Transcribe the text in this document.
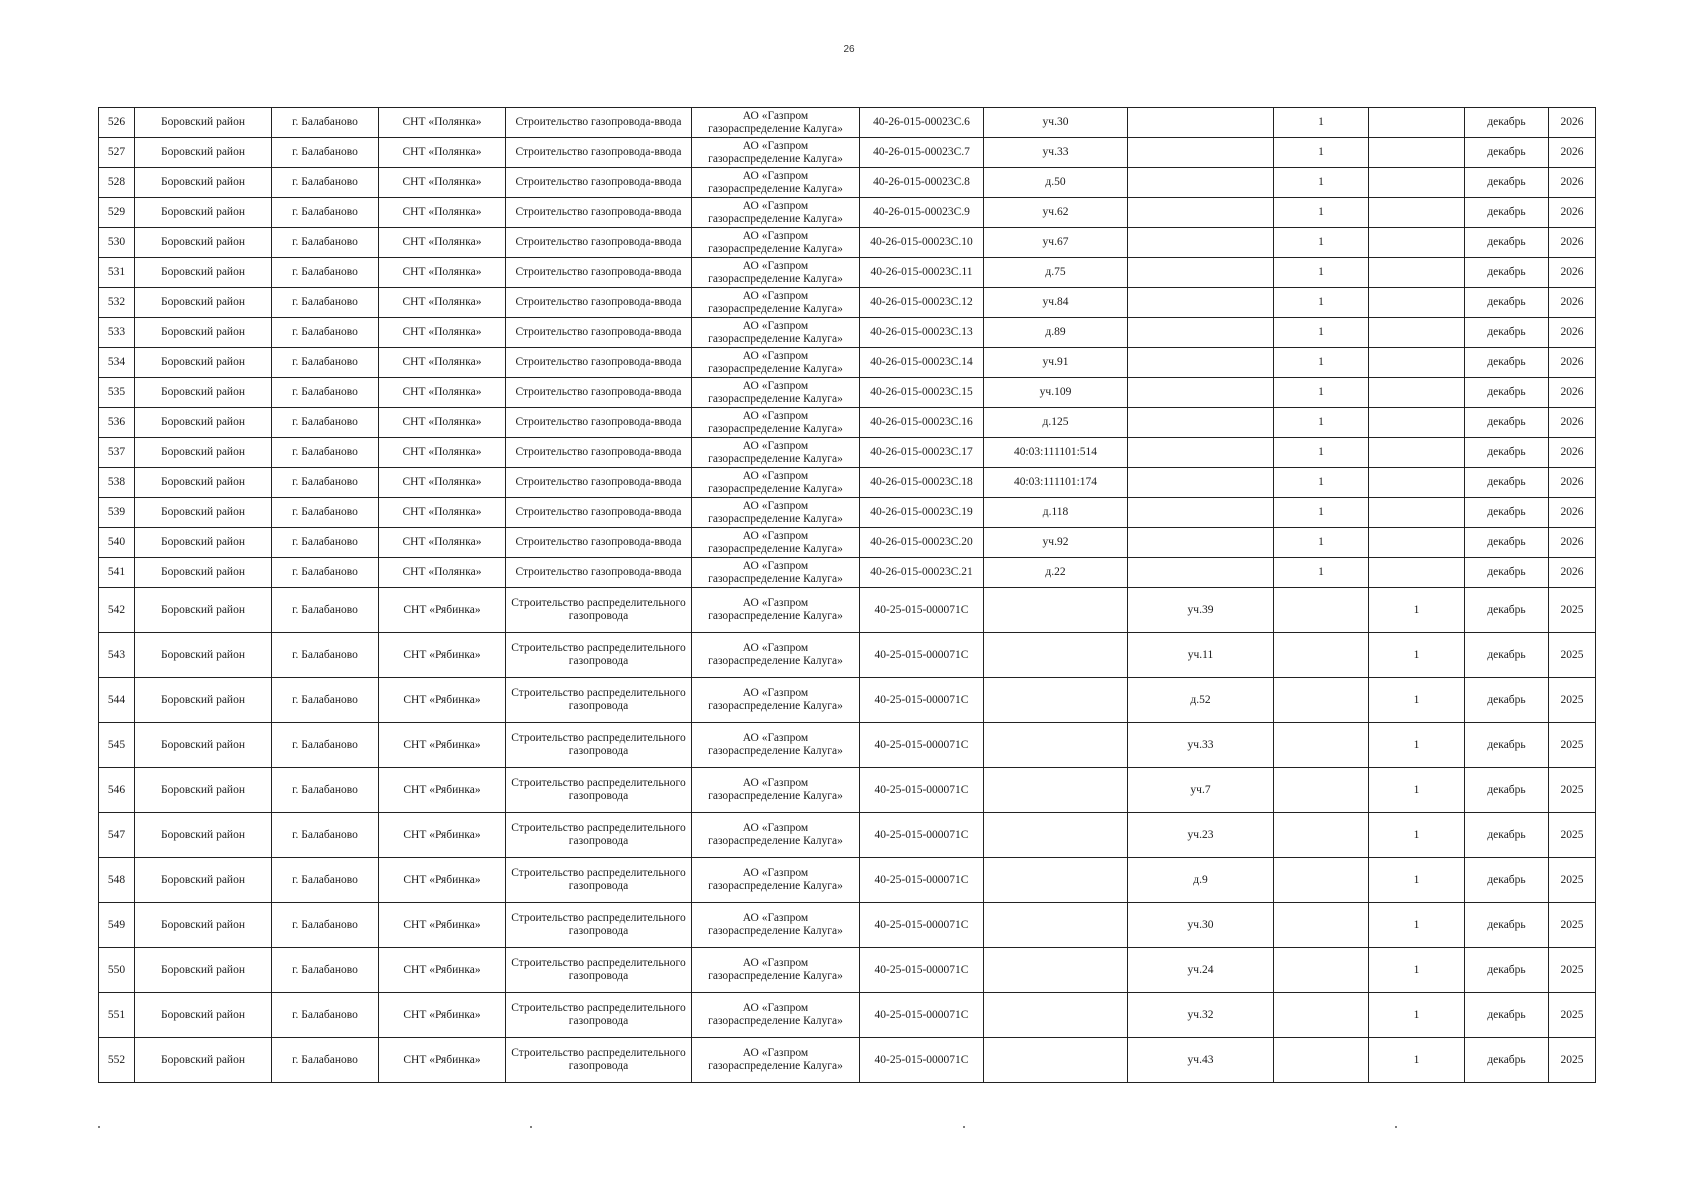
26
526	Боровский район	г. Балабаново	СНТ «Полянка»	Строительство газопровода-ввода	АО «Газпром
газораспределение Калуга»	40-26-015-00023С.6	уч.30		1		декабрь	2026
527	Боровский район	г. Балабаново	СНТ «Полянка»	Строительство газопровода-ввода	АО «Газпром
газораспределение Калуга»	40-26-015-00023С.7	уч.33		1		декабрь	2026
528	Боровский район	г. Балабаново	СНТ «Полянка»	Строительство газопровода-ввода	АО «Газпром
газораспределение Калуга»	40-26-015-00023С.8	д.50		1		декабрь	2026
529	Боровский район	г. Балабаново	СНТ «Полянка»	Строительство газопровода-ввода	АО «Газпром
газораспределение Калуга»	40-26-015-00023С.9	уч.62		1		декабрь	2026
530	Боровский район	г. Балабаново	СНТ «Полянка»	Строительство газопровода-ввода	АО «Газпром
газораспределение Калуга»	40-26-015-00023С.10	уч.67		1		декабрь	2026
531	Боровский район	г. Балабаново	СНТ «Полянка»	Строительство газопровода-ввода	АО «Газпром
газораспределение Калуга»	40-26-015-00023С.11	д.75		1		декабрь	2026
532	Боровский район	г. Балабаново	СНТ «Полянка»	Строительство газопровода-ввода	АО «Газпром
газораспределение Калуга»	40-26-015-00023С.12	уч.84		1		декабрь	2026
533	Боровский район	г. Балабаново	СНТ «Полянка»	Строительство газопровода-ввода	АО «Газпром
газораспределение Калуга»	40-26-015-00023С.13	д.89		1		декабрь	2026
534	Боровский район	г. Балабаново	СНТ «Полянка»	Строительство газопровода-ввода	АО «Газпром
газораспределение Калуга»	40-26-015-00023С.14	уч.91		1		декабрь	2026
535	Боровский район	г. Балабаново	СНТ «Полянка»	Строительство газопровода-ввода	АО «Газпром
газораспределение Калуга»	40-26-015-00023С.15	уч.109		1		декабрь	2026
536	Боровский район	г. Балабаново	СНТ «Полянка»	Строительство газопровода-ввода	АО «Газпром
газораспределение Калуга»	40-26-015-00023С.16	д.125		1		декабрь	2026
537	Боровский район	г. Балабаново	СНТ «Полянка»	Строительство газопровода-ввода	АО «Газпром
газораспределение Калуга»	40-26-015-00023С.17	40:03:111101:514		1		декабрь	2026
538	Боровский район	г. Балабаново	СНТ «Полянка»	Строительство газопровода-ввода	АО «Газпром
газораспределение Калуга»	40-26-015-00023С.18	40:03:111101:174		1		декабрь	2026
539	Боровский район	г. Балабаново	СНТ «Полянка»	Строительство газопровода-ввода	АО «Газпром
газораспределение Калуга»	40-26-015-00023С.19	д.118		1		декабрь	2026
540	Боровский район	г. Балабаново	СНТ «Полянка»	Строительство газопровода-ввода	АО «Газпром
газораспределение Калуга»	40-26-015-00023С.20	уч.92		1		декабрь	2026
541	Боровский район	г. Балабаново	СНТ «Полянка»	Строительство газопровода-ввода	АО «Газпром
газораспределение Калуга»	40-26-015-00023С.21	д.22		1		декабрь	2026
542	Боровский район	г. Балабаново	СНТ «Рябинка»	Строительство распределительного газопровода	АО «Газпром
газораспределение Калуга»	40-25-015-000071С		уч.39		1	декабрь	2025
543	Боровский район	г. Балабаново	СНТ «Рябинка»	Строительство распределительного газопровода	АО «Газпром
газораспределение Калуга»	40-25-015-000071С		уч.11		1	декабрь	2025
544	Боровский район	г. Балабаново	СНТ «Рябинка»	Строительство распределительного газопровода	АО «Газпром
газораспределение Калуга»	40-25-015-000071С		д.52		1	декабрь	2025
545	Боровский район	г. Балабаново	СНТ «Рябинка»	Строительство распределительного газопровода	АО «Газпром
газораспределение Калуга»	40-25-015-000071С		уч.33		1	декабрь	2025
546	Боровский район	г. Балабаново	СНТ «Рябинка»	Строительство распределительного газопровода	АО «Газпром
газораспределение Калуга»	40-25-015-000071С		уч.7		1	декабрь	2025
547	Боровский район	г. Балабаново	СНТ «Рябинка»	Строительство распределительного газопровода	АО «Газпром
газораспределение Калуга»	40-25-015-000071С		уч.23		1	декабрь	2025
548	Боровский район	г. Балабаново	СНТ «Рябинка»	Строительство распределительного газопровода	АО «Газпром
газораспределение Калуга»	40-25-015-000071С		д.9		1	декабрь	2025
549	Боровский район	г. Балабаново	СНТ «Рябинка»	Строительство распределительного газопровода	АО «Газпром
газораспределение Калуга»	40-25-015-000071С		уч.30		1	декабрь	2025
550	Боровский район	г. Балабаново	СНТ «Рябинка»	Строительство распределительного газопровода	АО «Газпром
газораспределение Калуга»	40-25-015-000071С		уч.24		1	декабрь	2025
551	Боровский район	г. Балабаново	СНТ «Рябинка»	Строительство распределительного газопровода	АО «Газпром
газораспределение Калуга»	40-25-015-000071С		уч.32		1	декабрь	2025
552	Боровский район	г. Балабаново	СНТ «Рябинка»	Строительство распределительного газопровода	АО «Газпром
газораспределение Калуга»	40-25-015-000071С		уч.43		1	декабрь	2025
